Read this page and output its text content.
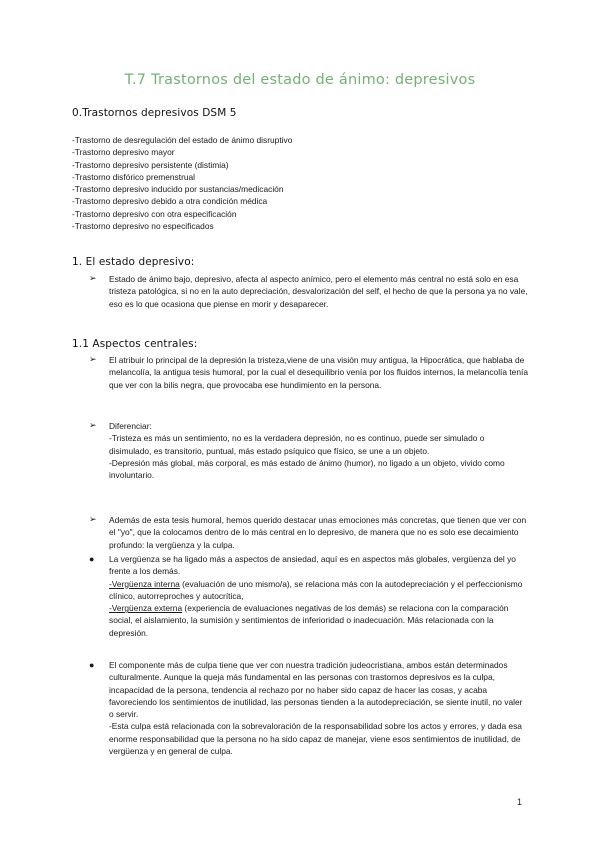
T.7 Trastornos del estado de ánimo: depresivos
0.Trastornos depresivos DSM 5
-Trastorno de desregulación del estado de ánimo disruptivo
-Trastorno depresivo mayor
-Trastorno depresivo persistente (distimia)
-Trastorno disfórico premenstrual
-Trastorno depresivo inducido por sustancias/medicación
-Trastorno depresivo debido a otra condición médica
-Trastorno depresivo con otra especificación
-Trastorno depresivo no especificados
1. El estado depresivo:
➢ Estado de ánimo bajo, depresivo, afecta al aspecto anímico, pero el elemento más central no está solo en esa tristeza patológica, si no en la auto depreciación, desvalorización del self, el hecho de que la persona ya no vale, eso es lo que ocasiona que piense en morir y desaparecer.

1.1 Aspectos centrales:
➢ El atribuir lo principal de la depresión la tristeza,viene de una visión muy antigua, la Hipocrática, que hablaba de melancolía, la antigua tesis humoral, por la cual el desequilibrio venía por los fluidos internos, la melancolía tenía que ver con la bilis negra, que provocaba ese hundimiento en la persona.

➢ Diferenciar:

-Tristeza es más un sentimiento, no es la verdadera depresión, no es continuo, puede ser simulado o disimulado, es transitorio, puntual, más estado psíquico que físico, se une a un objeto.

-Depresión más global, más corporal, es más estado de ánimo (humor), no ligado a un objeto, vivido como involuntario.

➢ Además de esta tesis humoral, hemos querido destacar unas emociones más concretas, que tienen que ver con el "yo", que la colocamos dentro de lo más central en lo depresivo, de manera que no es solo ese decaimiento profundo: la vergüenza y la culpa.

● La vergüenza se ha ligado más a aspectos de ansiedad, aquí es en aspectos más globales, vergüenza del yo frente a los demás.

-Vergüenza interna (evaluación de uno mismo/a), se relaciona más con la autodepreciación y el perfeccionismo clínico, autorreproches y autocrítica,

-Vergüenza externa (experiencia de evaluaciones negativas de los demás) se relaciona con la comparación social, el aislamiento, la sumisión y sentimientos de inferioridad o inadecuación. Más relacionada con la depresión.

● El componente más de culpa tiene que ver con nuestra tradición judeocristiana, ambos están determinados culturalmente. Aunque la queja más fundamental en las personas con trastornos depresivos es la culpa, incapacidad de la persona, tendencia al rechazo por no haber sido capaz de hacer las cosas, y acaba favoreciendo los sentimientos de inutilidad, las personas tienden a la autodepreciación, se siente inutil, no valer o servir.

-Esta culpa está relacionada con la sobrevaloración de la responsabilidad sobre los actos y errores, y dada esa enorme responsabilidad que la persona no ha sido capaz de manejar, viene esos sentimientos de inutilidad, de vergüenza y en general de culpa.

1
